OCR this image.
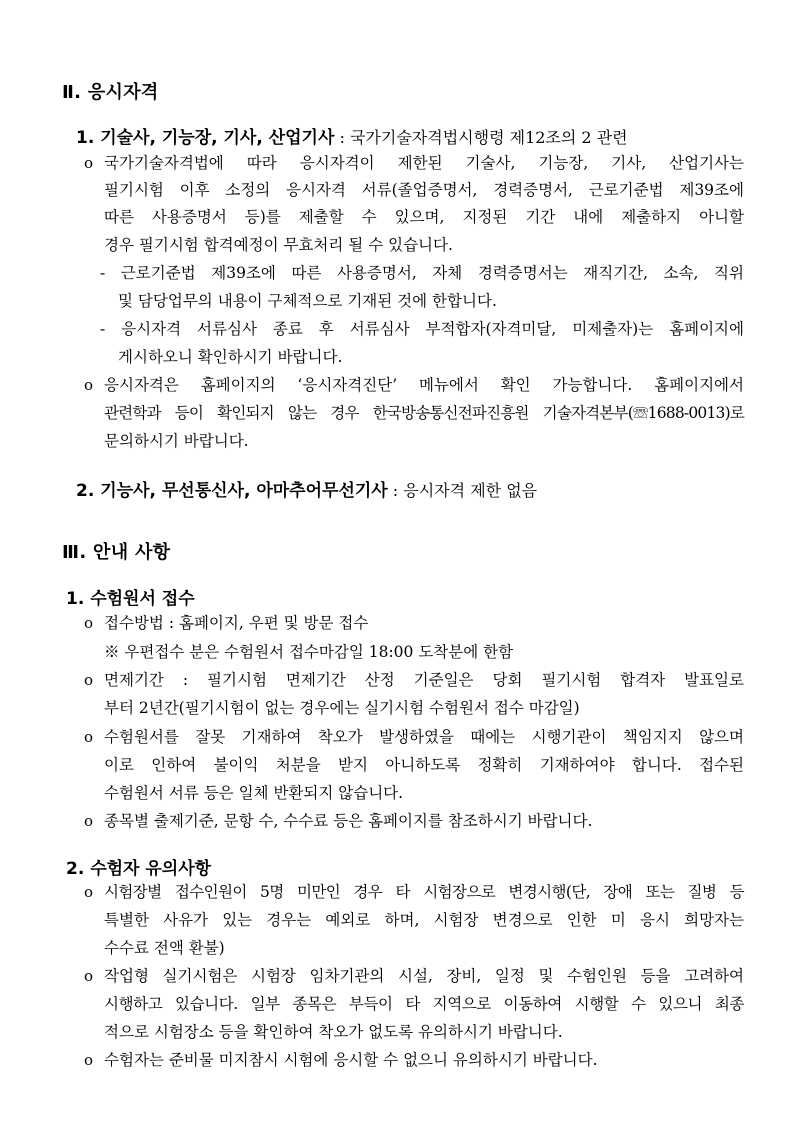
Ⅱ. 응시자격
1. 기술사, 기능장, 기사, 산업기사 : 국가기술자격법시행령 제12조의 2 관련
o 국가기술자격법에 따라 응시자격이 제한된 기술사, 기능장, 기사, 산업기사는
필기시험 이후 소정의 응시자격 서류(졸업증명서, 경력증명서, 근로기준법 제39조에
따른 사용증명서 등)를 제출할 수 있으며, 지정된 기간 내에 제출하지 아니할
경우 필기시험 합격예정이 무효처리 될 수 있습니다.
- 근로기준법 제39조에 따른 사용증명서, 자체 경력증명서는 재직기간, 소속, 직위
및 담당업무의 내용이 구체적으로 기재된 것에 한합니다.
- 응시자격 서류심사 종료 후 서류심사 부적합자(자격미달, 미제출자)는 홈페이지에
게시하오니 확인하시기 바랍니다.
o 응시자격은 홈페이지의 ‘응시자격진단’ 메뉴에서 확인 가능합니다. 홈페이지에서
관련학과 등이 확인되지 않는 경우 한국방송통신전파진흥원 기술자격본부(☏1688-0013)로
문의하시기 바랍니다.
2. 기능사, 무선통신사, 아마추어무선기사 : 응시자격 제한 없음
Ⅲ. 안내 사항
1. 수험원서 접수
o 접수방법 : 홈페이지, 우편 및 방문 접수
※ 우편접수 분은 수험원서 접수마감일 18:00 도착분에 한함
o 면제기간 : 필기시험 면제기간 산정 기준일은 당회 필기시험 합격자 발표일로
부터 2년간(필기시험이 없는 경우에는 실기시험 수험원서 접수 마감일)
o 수험원서를 잘못 기재하여 착오가 발생하였을 때에는 시행기관이 책임지지 않으며
이로 인하여 불이익 처분을 받지 아니하도록 정확히 기재하여야 합니다. 접수된
수험원서 서류 등은 일체 반환되지 않습니다.
o 종목별 출제기준, 문항 수, 수수료 등은 홈페이지를 참조하시기 바랍니다.
2. 수험자 유의사항
o 시험장별 접수인원이 5명 미만인 경우 타 시험장으로 변경시행(단, 장애 또는 질병 등
특별한 사유가 있는 경우는 예외로 하며, 시험장 변경으로 인한 미 응시 희망자는
수수료 전액 환불)
o 작업형 실기시험은 시험장 임차기관의 시설, 장비, 일정 및 수험인원 등을 고려하여
시행하고 있습니다. 일부 종목은 부득이 타 지역으로 이동하여 시행할 수 있으니 최종
적으로 시험장소 등을 확인하여 착오가 없도록 유의하시기 바랍니다.
o 수험자는 준비물 미지참시 시험에 응시할 수 없으니 유의하시기 바랍니다.
